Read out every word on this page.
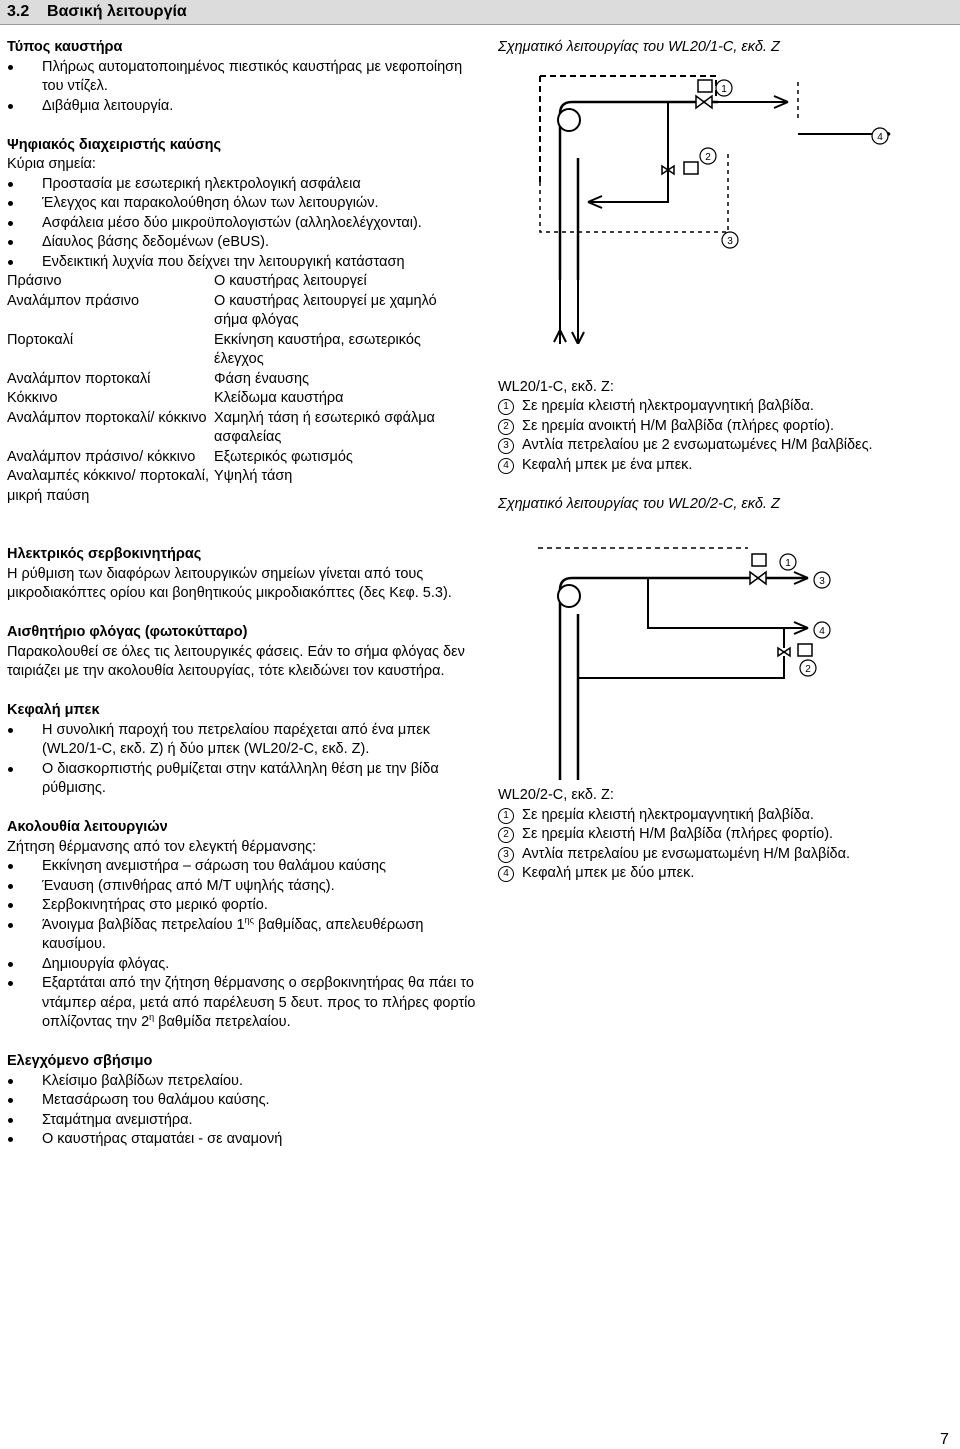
3.2 Βασική λειτουργία
Τύπος καυστήρα
Πλήρως αυτοματοποιημένος πιεστικός καυστήρας με νεφοποίηση του ντίζελ.
Διβάθμια λειτουργία.
Ψηφιακός διαχειριστής καύσης
Κύρια σημεία:
Προστασία με εσωτερική ηλεκτρολογική ασφάλεια
Έλεγχος και παρακολούθηση όλων των λειτουργιών.
Ασφάλεια μέσο δύο μικροϋπολογιστών (αλληλοελέγχονται).
Δίαυλος βάσης δεδομένων (eBUS).
Ενδεικτική λυχνία που δείχνει την λειτουργική κατάσταση
Πράσινο	Ο καυστήρας λειτουργεί
Αναλάμπον πράσινο	Ο καυστήρας λειτουργεί με χαμηλό σήμα φλόγας
Πορτοκαλί	Εκκίνηση καυστήρα, εσωτερικός έλεγχος
Αναλάμπον πορτοκαλί	Φάση έναυσης
Κόκκινο	Κλείδωμα καυστήρα
Αναλάμπον πορτοκαλί/ κόκκινο	Χαμηλή τάση ή εσωτερικό σφάλμα ασφαλείας
Αναλάμπον πράσινο/ κόκκινο	Εξωτερικός φωτισμός
Αναλαμπές κόκκινο/ πορτοκαλί, μικρή παύση	Υψηλή τάση
Ηλεκτρικός σερβοκινητήρας
Η ρύθμιση των διαφόρων λειτουργικών σημείων γίνεται από τους μικροδιακόπτες ορίου και βοηθητικούς μικροδιακόπτες (δες Κεφ. 5.3).
Αισθητήριο φλόγας (φωτοκύτταρο)
Παρακολουθεί σε όλες τις λειτουργικές φάσεις. Εάν το σήμα φλόγας δεν ταιριάζει με την ακολουθία λειτουργίας, τότε κλειδώνει τον καυστήρα.
Κεφαλή μπεκ
Η συνολική παροχή του πετρελαίου παρέχεται από ένα μπεκ (WL20/1-C, εκδ. Z) ή δύο μπεκ (WL20/2-C, εκδ. Z).
Ο διασκορπιστής ρυθμίζεται στην κατάλληλη θέση με την βίδα ρύθμισης.
Ακολουθία λειτουργιών
Ζήτηση θέρμανσης από τον ελεγκτή θέρμανσης:
Εκκίνηση ανεμιστήρα – σάρωση του θαλάμου καύσης
Έναυση (σπινθήρας από Μ/Τ υψηλής τάσης).
Σερβοκινητήρας στο μερικό φορτίο.
Άνοιγμα βαλβίδας πετρελαίου $1^{\eta\varsigma}$ βαθμίδας, απελευθέρωση καυσίμου.
Δημιουργία φλόγας.
Εξαρτάται από την ζήτηση θέρμανσης ο σερβοκινητήρας θα πάει το ντάμπερ αέρα, μετά από παρέλευση 5 δευτ. προς το πλήρες φορτίο οπλίζοντας την $2^\eta$ βαθμίδα πετρελαίου.
Ελεγχόμενο σβήσιμο
Κλείσιμο βαλβίδων πετρελαίου.
Μετασάρωση του θαλάμου καύσης.
Σταμάτημα ανεμιστήρα.
Ο καυστήρας σταματάει - σε αναμονή
Σχηματικό λειτουργίας του WL20/1-C, εκδ. Z
1
2
3
4
WL20/1-C, εκδ. Z:
1 Σε ηρεμία κλειστή ηλεκτρομαγνητική βαλβίδα.
2 Σε ηρεμία ανοικτή Η/Μ βαλβίδα (πλήρες φορτίο).
3 Αντλία πετρελαίου με 2 ενσωματωμένες Η/Μ βαλβίδες.
4 Κεφαλή μπεκ με ένα μπεκ.
Σχηματικό λειτουργίας του WL20/2-C, εκδ. Z
1
2
3
4
WL20/2-C, εκδ. Z:
1 Σε ηρεμία κλειστή ηλεκτρομαγνητική βαλβίδα.
2 Σε ηρεμία κλειστή Η/Μ βαλβίδα (πλήρες φορτίο).
3 Αντλία πετρελαίου με ενσωματωμένη Η/Μ βαλβίδα.
4 Κεφαλή μπεκ με δύο μπεκ.
7
